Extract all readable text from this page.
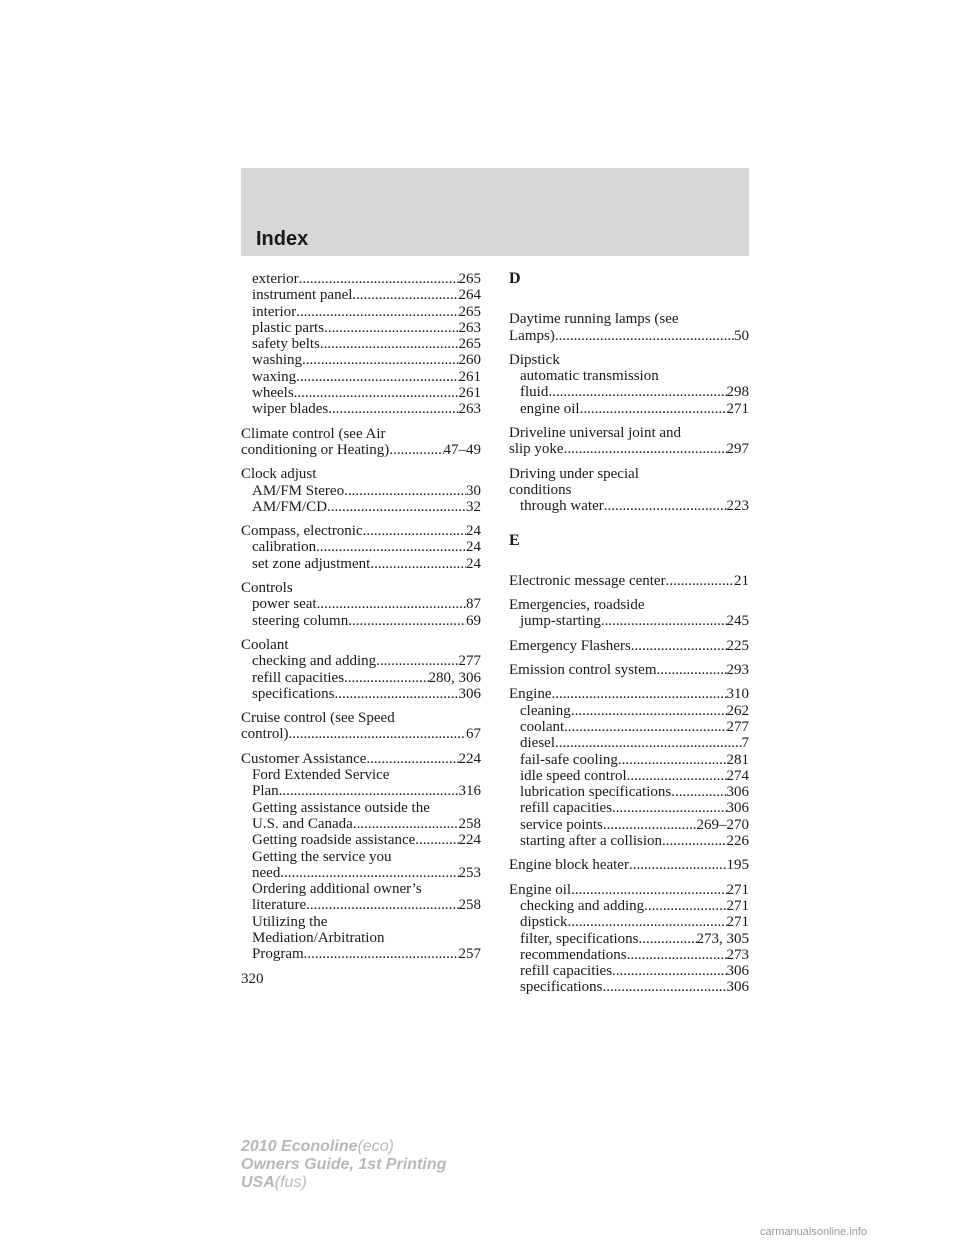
Index
exterior .....	265
instrument panel .....	264
interior .....	265
plastic parts .....	263
safety belts .....	265
washing .....	260
waxing .....	261
wheels .....	261
wiper blades .....	263
Climate control (see Air
conditioning or Heating) .....	47–49
Clock adjust
AM/FM Stereo .....	30
AM/FM/CD .....	32
Compass, electronic .....	24
calibration .....	24
set zone adjustment .....	24
Controls
power seat .....	87
steering column .....	69
Coolant
checking and adding .....	277
refill capacities .....	280, 306
specifications .....	306
Cruise control (see Speed
control) .....	67
Customer Assistance .....	224
Ford Extended Service
Plan .....	316
Getting assistance outside the
U.S. and Canada .....	258
Getting roadside assistance .....	224
Getting the service you
need .....	253
Ordering additional owner’s
literature .....	258
Utilizing the
Mediation/Arbitration
Program .....	257
D
Daytime running lamps (see
Lamps) .....	50
Dipstick
automatic transmission
fluid .....	298
engine oil .....	271
Driveline universal joint and
slip yoke .....	297
Driving under special
conditions
through water .....	223
E
Electronic message center .....	21
Emergencies, roadside
jump-starting .....	245
Emergency Flashers .....	225
Emission control system .....	293
Engine .....	310
cleaning .....	262
coolant .....	277
diesel .....	7
fail-safe cooling .....	281
idle speed control .....	274
lubrication specifications .....	306
refill capacities .....	306
service points .....	269–270
starting after a collision .....	226
Engine block heater .....	195
Engine oil .....	271
checking and adding .....	271
dipstick .....	271
filter, specifications .....	273, 305
recommendations .....	273
refill capacities .....	306
specifications .....	306
320
2010 Econoline(eco)
Owners Guide, 1st Printing
USA(fus)
carmanualsonline.info
